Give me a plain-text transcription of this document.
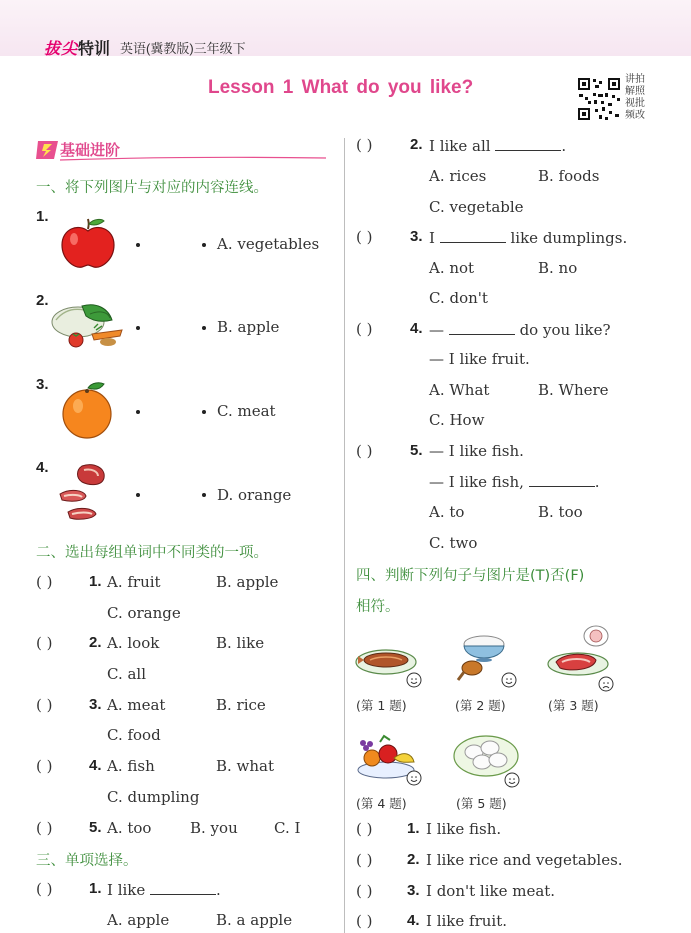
拔尖 特训 英语(冀教版)三年级下
Lesson 1 What do you like?	讲拍解照视批频改
基础进阶
一、将下列图片与对应的内容连线。
1.
A. vegetables
2.
B. apple
3.
C. meat
4.
D. orange
二、选出每组单词中不同类的一项。
( ) 1. A. fruit	B. apple
C. orange
( ) 2. A. look	B. like
C. all
( ) 3. A. meat	B. rice
C. food
( ) 4. A. fish	B. what
C. dumpling
( ) 5. A. too	B. you C. I
三、单项选择。
( ) 1. I like	.
A. apple	B. a apple
( )	2. I like all	.
A. rices	B. foods
C. vegetable
( )	3. I	like dumplings.
A. not	B. no
C. don't
( )	4. —	do you like?
— I like fruit.
A. What	B. Where
C. How
( )	5. — I like fish.
— I like fish,	.
A. to	B. too
C. two
四、判断下列句子与图片是(T)否(F)
相符。
(第 1 题)	(第 2 题)	(第 3 题)
(第 4 题)	(第 5 题)
( ) 1. I like fish.
( ) 2. I like rice and vegetables.
( ) 3. I don't like meat.
( ) 4. I like fruit.
